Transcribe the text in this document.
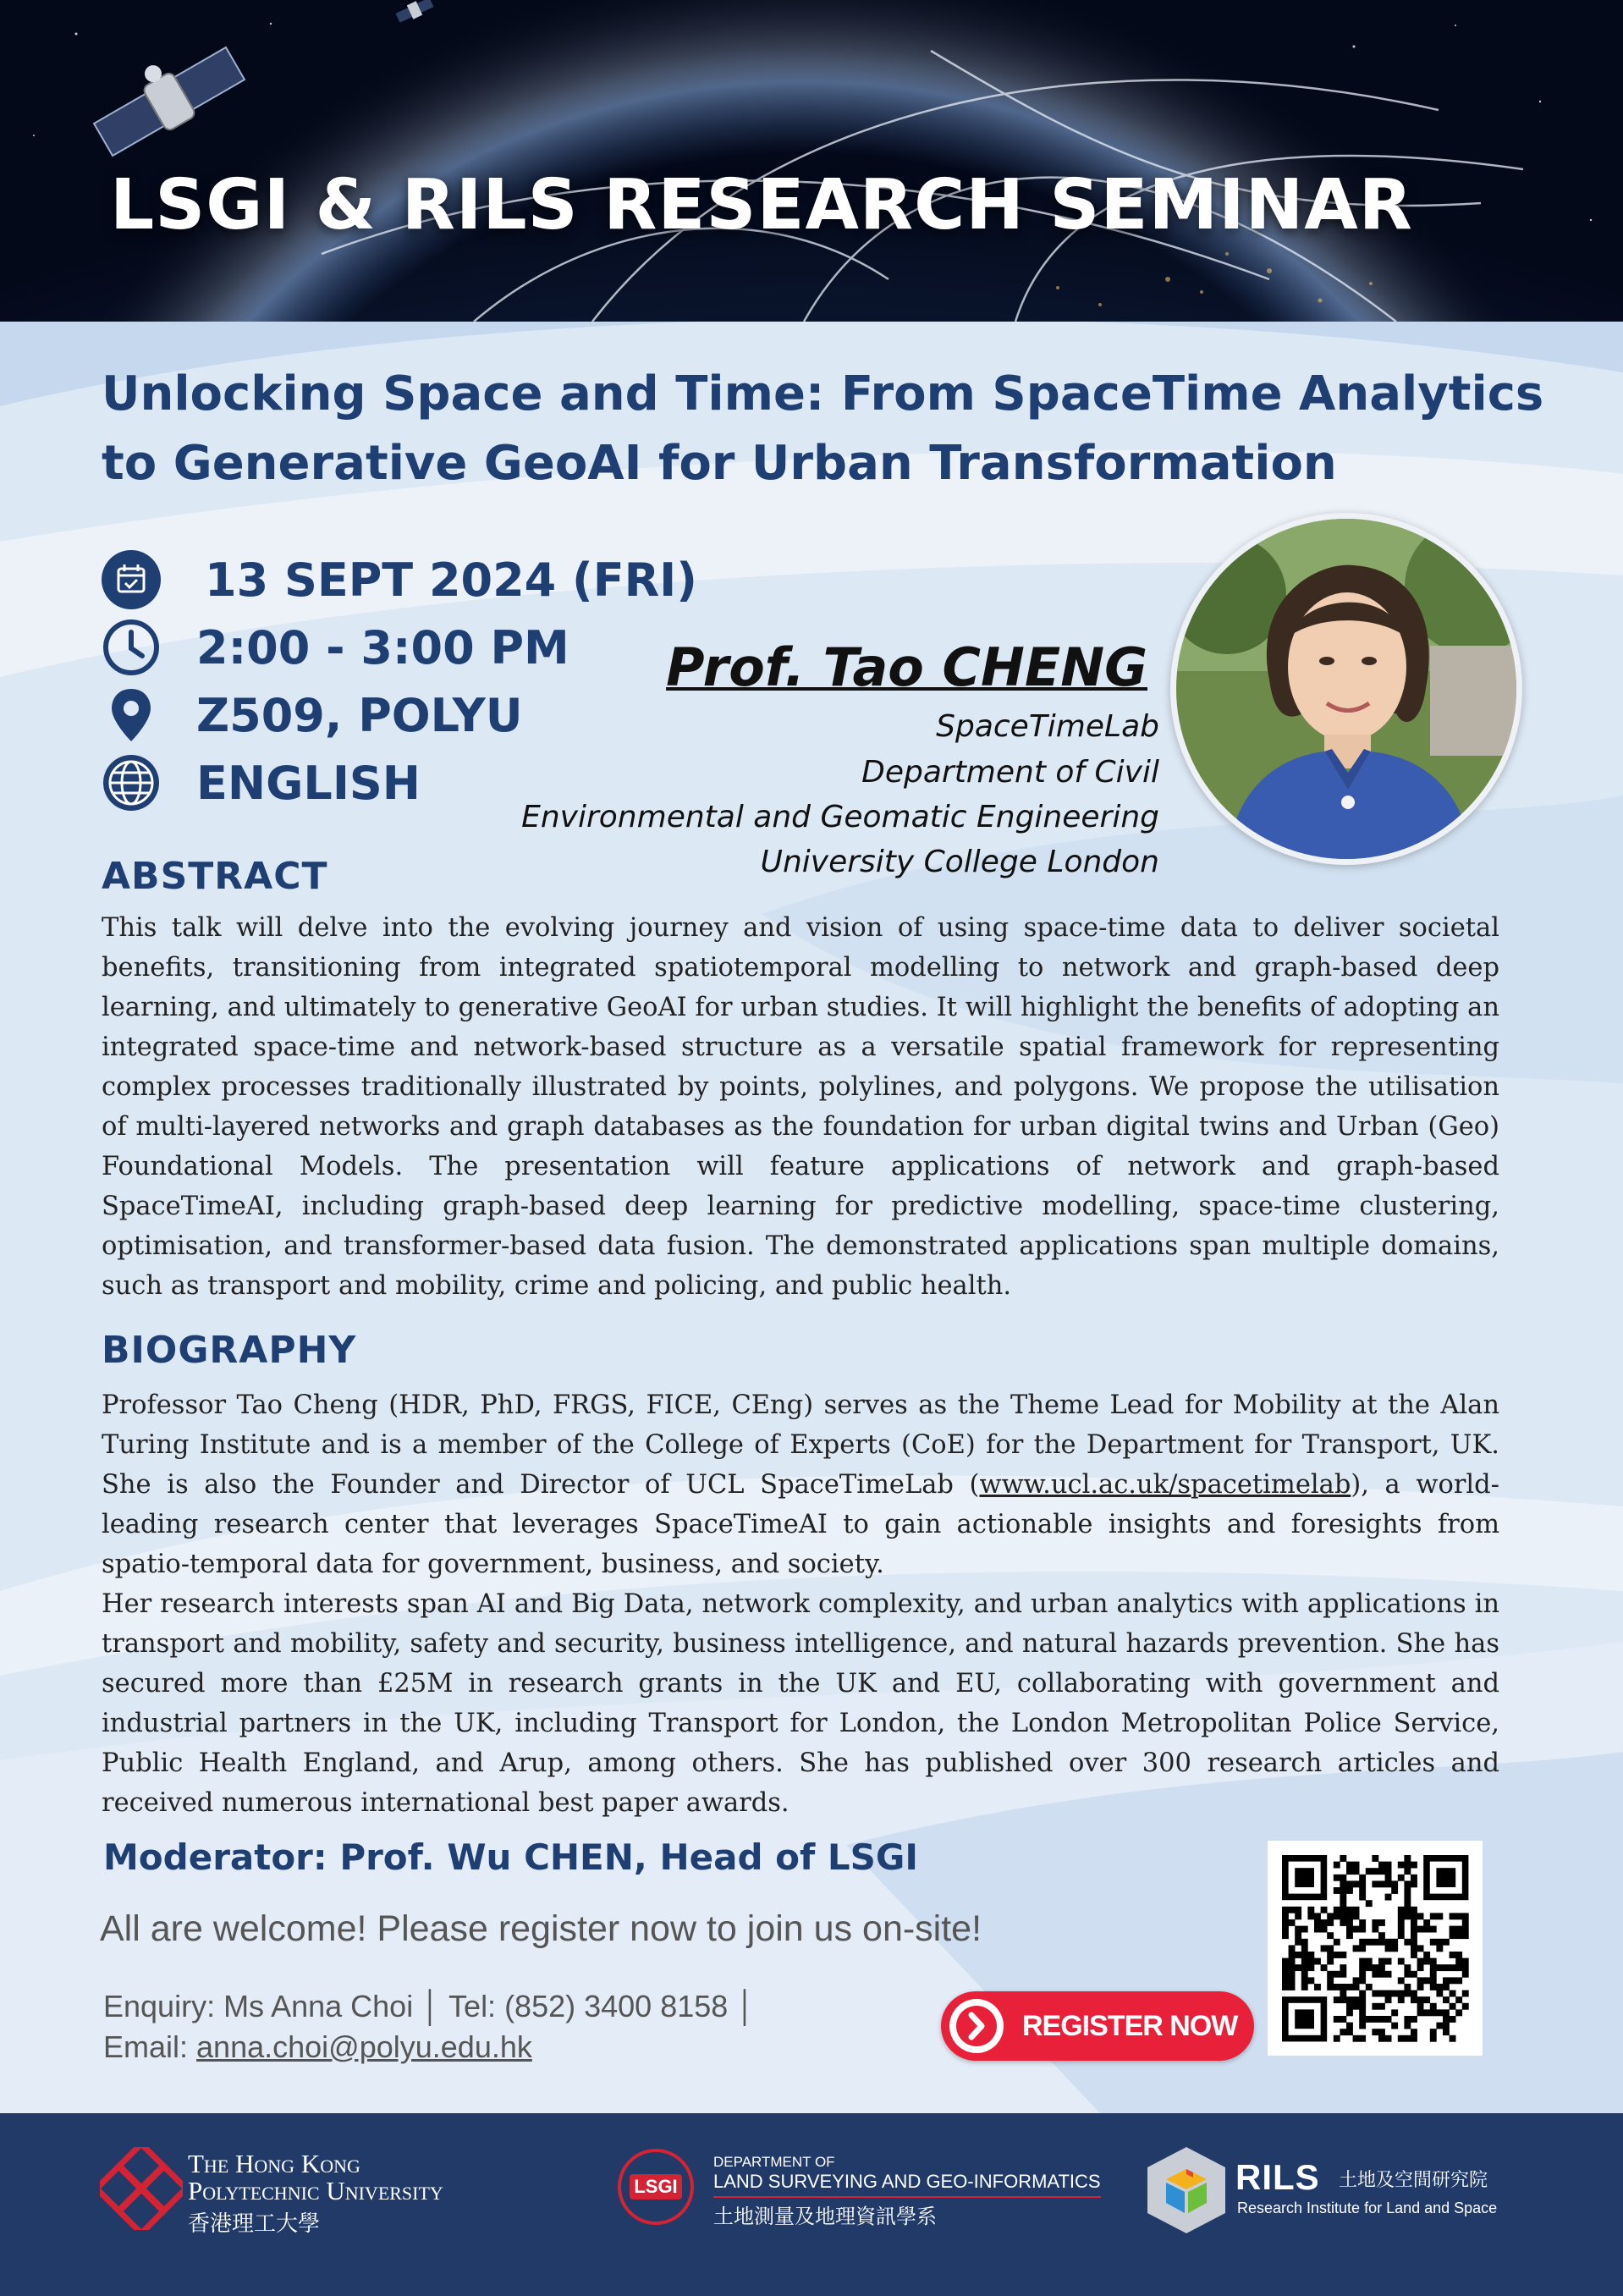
LSGI & RILS RESEARCH SEMINAR
Unlocking Space and Time: From SpaceTime Analytics
to Generative GeoAI for Urban Transformation
13 SEPT 2024 (FRI)
2:00 - 3:00 PM
Z509, POLYU
ENGLISH
Prof. Tao CHENG
SpaceTimeLab
Department of Civil
Environmental and Geomatic Engineering
University College London
ABSTRACT
This talk will delve into the evolving journey and vision of using space-time data to deliver societal benefits, transitioning from integrated spatiotemporal modelling to network and graph-based deep learning, and ultimately to generative GeoAI for urban studies. It will highlight the benefits of adopting an integrated space-time and network-based structure as a versatile spatial framework for representing complex processes traditionally illustrated by points, polylines, and polygons. We propose the utilisation of multi-layered networks and graph databases as the foundation for urban digital twins and Urban (Geo) Foundational Models. The presentation will feature applications of network and graph-based SpaceTimeAI, including graph-based deep learning for predictive modelling, space-time clustering, optimisation, and transformer-based data fusion. The demonstrated applications span multiple domains, such as transport and mobility, crime and policing, and public health.
BIOGRAPHY
Professor Tao Cheng (HDR, PhD, FRGS, FICE, CEng) serves as the Theme Lead for Mobility at the Alan Turing Institute and is a member of the College of Experts (CoE) for the Department for Transport, UK. She is also the Founder and Director of UCL SpaceTimeLab (www.ucl.ac.uk/spacetimelab), a world-leading research center that leverages SpaceTimeAI to gain actionable insights and foresights from spatio-temporal data for government, business, and society.
Her research interests span AI and Big Data, network complexity, and urban analytics with applications in transport and mobility, safety and security, business intelligence, and natural hazards prevention. She has secured more than £25M in research grants in the UK and EU, collaborating with government and industrial partners in the UK, including Transport for London, the London Metropolitan Police Service, Public Health England, and Arup, among others. She has published over 300 research articles and received numerous international best paper awards.
Moderator: Prof. Wu CHEN, Head of LSGI
All are welcome! Please register now to join us on-site!
Enquiry: Ms Anna Choi │ Tel: (852) 3400 8158 │
Email: anna.choi@polyu.edu.hk
REGISTER NOW
The Hong Kong
Polytechnic University
香港理工大學
LSGI
DEPARTMENT OF
LAND SURVEYING AND GEO-INFORMATICS
土地測量及地理資訊學系
RILS 土地及空間研究院
Research Institute for Land and Space
